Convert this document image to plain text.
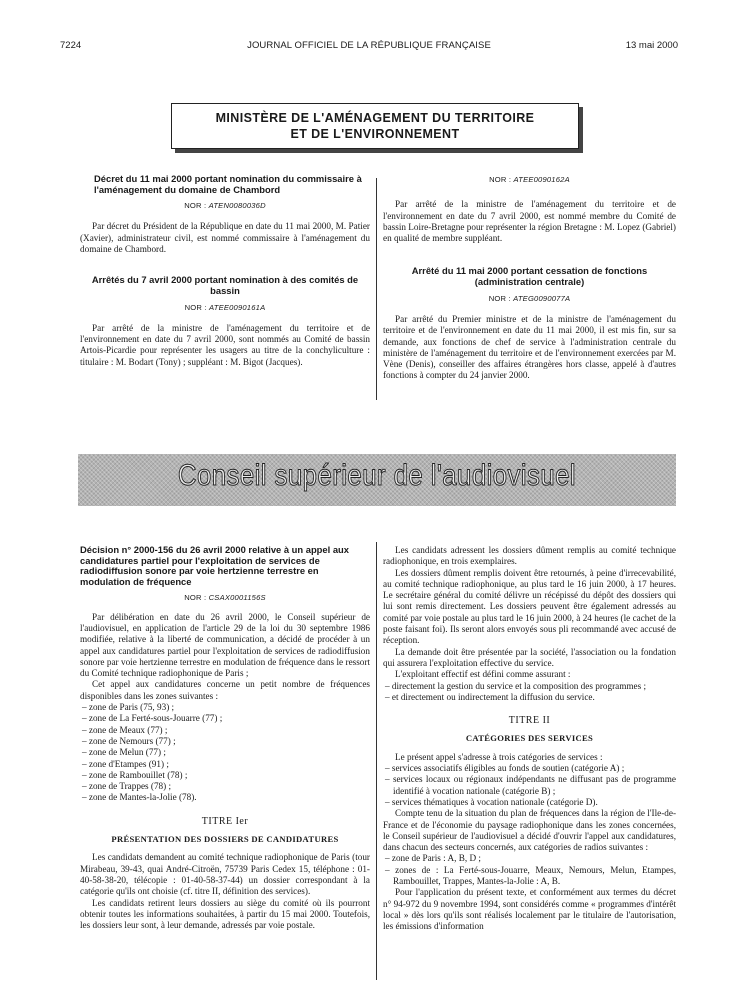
7224	JOURNAL OFFICIEL DE LA RÉPUBLIQUE FRANÇAISE	13 mai 2000
MINISTÈRE DE L'AMÉNAGEMENT DU TERRITOIRE
ET DE L'ENVIRONNEMENT
Décret du 11 mai 2000 portant nomination du commissaire à l'aménagement du domaine de Chambord
NOR : ATEN0080036D
Par décret du Président de la République en date du 11 mai 2000, M. Patier (Xavier), administrateur civil, est nommé commissaire à l'aménagement du domaine de Chambord.
Arrêtés du 7 avril 2000 portant nomination à des comités de bassin
NOR : ATEE0090161A
Par arrêté de la ministre de l'aménagement du territoire et de l'environnement en date du 7 avril 2000, sont nommés au Comité de bassin Artois-Picardie pour représenter les usagers au titre de la conchyliculture : titulaire : M. Bodart (Tony) ; suppléant : M. Bigot (Jacques).
NOR : ATEE0090162A
Par arrêté de la ministre de l'aménagement du territoire et de l'environnement en date du 7 avril 2000, est nommé membre du Comité de bassin Loire-Bretagne pour représenter la région Bretagne : M. Lopez (Gabriel) en qualité de membre suppléant.
Arrêté du 11 mai 2000 portant cessation de fonctions (administration centrale)
NOR : ATEG0090077A
Par arrêté du Premier ministre et de la ministre de l'aménagement du territoire et de l'environnement en date du 11 mai 2000, il est mis fin, sur sa demande, aux fonctions de chef de service à l'administration centrale du ministère de l'aménagement du territoire et de l'environnement exercées par M. Vène (Denis), conseiller des affaires étrangères hors classe, appelé à d'autres fonctions à compter du 24 janvier 2000.
Conseil supérieur de l'audiovisuel
Décision n° 2000-156 du 26 avril 2000 relative à un appel aux candidatures partiel pour l'exploitation de services de radiodiffusion sonore par voie hertzienne terrestre en modulation de fréquence
NOR : CSAX0001156S
Par délibération en date du 26 avril 2000, le Conseil supérieur de l'audiovisuel, en application de l'article 29 de la loi du 30 septembre 1986 modifiée, relative à la liberté de communication, a décidé de procéder à un appel aux candidatures partiel pour l'exploitation de services de radiodiffusion sonore par voie hertzienne terrestre en modulation de fréquence dans le ressort du Comité technique radiophonique de Paris ;
Cet appel aux candidatures concerne un petit nombre de fréquences disponibles dans les zones suivantes :
– zone de Paris (75, 93) ;
– zone de La Ferté-sous-Jouarre (77) ;
– zone de Meaux (77) ;
– zone de Nemours (77) ;
– zone de Melun (77) ;
– zone d'Etampes (91) ;
– zone de Rambouillet (78) ;
– zone de Trappes (78) ;
– zone de Mantes-la-Jolie (78).
TITRE Ier
PRÉSENTATION DES DOSSIERS DE CANDIDATURES
Les candidats demandent au comité technique radiophonique de Paris (tour Mirabeau, 39-43, quai André-Citroën, 75739 Paris Cedex 15, téléphone : 01-40-58-38-20, télécopie : 01-40-58-37-44) un dossier correspondant à la catégorie qu'ils ont choisie (cf. titre II, définition des services).
Les candidats retirent leurs dossiers au siège du comité où ils pourront obtenir toutes les informations souhaitées, à partir du 15 mai 2000. Toutefois, les dossiers leur sont, à leur demande, adressés par voie postale.
Les candidats adressent les dossiers dûment remplis au comité technique radiophonique, en trois exemplaires.
Les dossiers dûment remplis doivent être retournés, à peine d'irrecevabilité, au comité technique radiophonique, au plus tard le 16 juin 2000, à 17 heures. Le secrétaire général du comité délivre un récépissé du dépôt des dossiers qui lui sont remis directement. Les dossiers peuvent être également adressés au comité par voie postale au plus tard le 16 juin 2000, à 24 heures (le cachet de la poste faisant foi). Ils seront alors envoyés sous pli recommandé avec accusé de réception.
La demande doit être présentée par la société, l'association ou la fondation qui assurera l'exploitation effective du service.
L'exploitant effectif est défini comme assurant :
– directement la gestion du service et la composition des programmes ;
– et directement ou indirectement la diffusion du service.
TITRE II
CATÉGORIES DES SERVICES
Le présent appel s'adresse à trois catégories de services :
– services associatifs éligibles au fonds de soutien (catégorie A) ;
– services locaux ou régionaux indépendants ne diffusant pas de programme identifié à vocation nationale (catégorie B) ;
– services thématiques à vocation nationale (catégorie D).
Compte tenu de la situation du plan de fréquences dans la région de l'Ile-de-France et de l'économie du paysage radiophonique dans les zones concernées, le Conseil supérieur de l'audiovisuel a décidé d'ouvrir l'appel aux candidatures, dans chacun des secteurs concernés, aux catégories de radios suivantes :
– zone de Paris : A, B, D ;
– zones de : La Ferté-sous-Jouarre, Meaux, Nemours, Melun, Etampes, Rambouillet, Trappes, Mantes-la-Jolie : A, B.
Pour l'application du présent texte, et conformément aux termes du décret n° 94-972 du 9 novembre 1994, sont considérés comme « programmes d'intérêt local » dès lors qu'ils sont réalisés localement par le titulaire de l'autorisation, les émissions d'information
